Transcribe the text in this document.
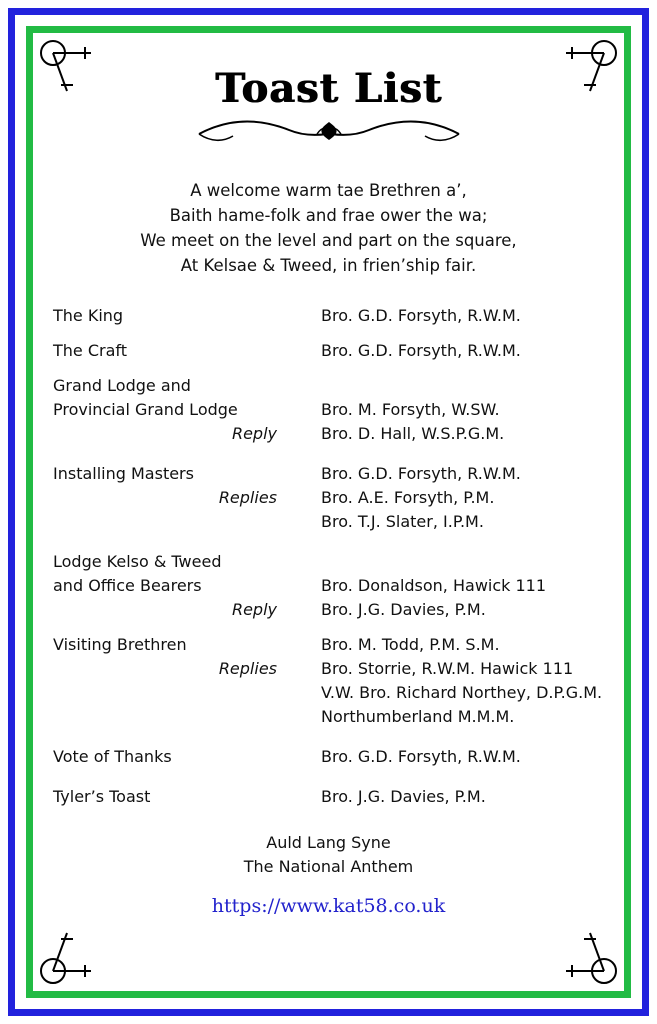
Toast List
A welcome warm tae Brethren a’,
Baith hame-folk and frae ower the wa;
We meet on the level and part on the square,
At Kelsae & Tweed, in frien’ship fair.
The King	Bro. G.D. Forsyth, R.W.M.

The Craft	Bro. G.D. Forsyth, R.W.M.

Grand Lodge and	
Provincial Grand Lodge	Bro. M. Forsyth, W.SW.

Reply	Bro. D. Hall, W.S.P.G.M.

Installing Masters	Bro. G.D. Forsyth, R.W.M.

Replies	Bro. A.E. Forsyth, P.M.
	Bro. T.J. Slater, I.P.M.

Lodge Kelso & Tweed	
and Office Bearers	Bro. Donaldson, Hawick 111

Reply	Bro. J.G. Davies, P.M.

Visiting Brethren	Bro. M. Todd, P.M. S.M.

Replies	Bro. Storrie, R.W.M. Hawick 111
	V.W. Bro. Richard Northey, D.P.G.M.
	Northumberland M.M.M.

Vote of Thanks	Bro. G.D. Forsyth, R.W.M.

Tyler’s Toast	Bro. J.G. Davies, P.M.
Auld Lang Syne
The National Anthem
https://www.kat58.co.uk
